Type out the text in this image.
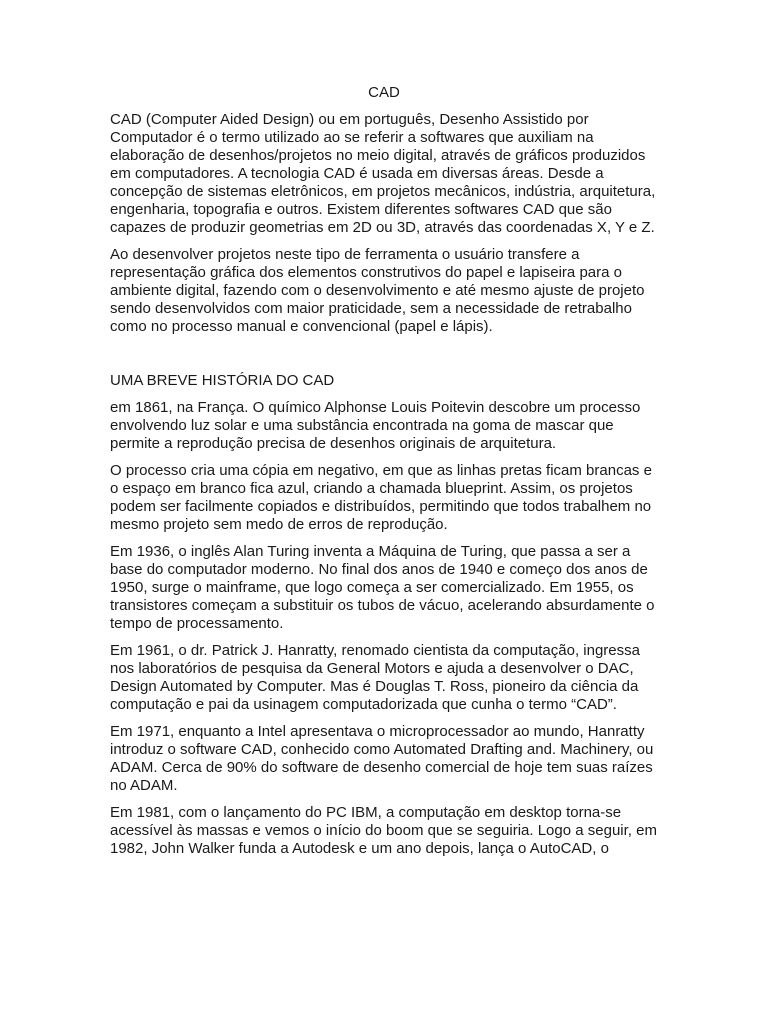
CAD

CAD (Computer Aided Design) ou em português, Desenho Assistido por Computador é o termo utilizado ao se referir a softwares que auxiliam na elaboração de desenhos/projetos no meio digital, através de gráficos produzidos em computadores. A tecnologia CAD é usada em diversas áreas. Desde a concepção de sistemas eletrônicos, em projetos mecânicos, indústria, arquitetura, engenharia, topografia e outros. Existem diferentes softwares CAD que são capazes de produzir geometrias em 2D ou 3D, através das coordenadas X, Y e Z.

Ao desenvolver projetos neste tipo de ferramenta o usuário transfere a representação gráfica dos elementos construtivos do papel e lapiseira para o ambiente digital, fazendo com o desenvolvimento e até mesmo ajuste de projeto sendo desenvolvidos com maior praticidade, sem a necessidade de retrabalho como no processo manual e convencional (papel e lápis).

UMA BREVE HISTÓRIA DO CAD

em 1861, na França. O químico Alphonse Louis Poitevin descobre um processo envolvendo luz solar e uma substância encontrada na goma de mascar que permite a reprodução precisa de desenhos originais de arquitetura.

O processo cria uma cópia em negativo, em que as linhas pretas ficam brancas e o espaço em branco fica azul, criando a chamada blueprint. Assim, os projetos podem ser facilmente copiados e distribuídos, permitindo que todos trabalhem no mesmo projeto sem medo de erros de reprodução.

Em 1936, o inglês Alan Turing inventa a Máquina de Turing, que passa a ser a base do computador moderno. No final dos anos de 1940 e começo dos anos de 1950, surge o mainframe, que logo começa a ser comercializado. Em 1955, os transistores começam a substituir os tubos de vácuo, acelerando absurdamente o tempo de processamento.

Em 1961, o dr. Patrick J. Hanratty, renomado cientista da computação, ingressa nos laboratórios de pesquisa da General Motors e ajuda a desenvolver o DAC, Design Automated by Computer. Mas é Douglas T. Ross, pioneiro da ciência da computação e pai da usinagem computadorizada que cunha o termo “CAD”.

Em 1971, enquanto a Intel apresentava o microprocessador ao mundo, Hanratty introduz o software CAD, conhecido como Automated Drafting and. Machinery, ou ADAM. Cerca de 90% do software de desenho comercial de hoje tem suas raízes no ADAM.

Em 1981, com o lançamento do PC IBM, a computação em desktop torna-se acessível às massas e vemos o início do boom que se seguiria. Logo a seguir, em 1982, John Walker funda a Autodesk e um ano depois, lança o AutoCAD, o
